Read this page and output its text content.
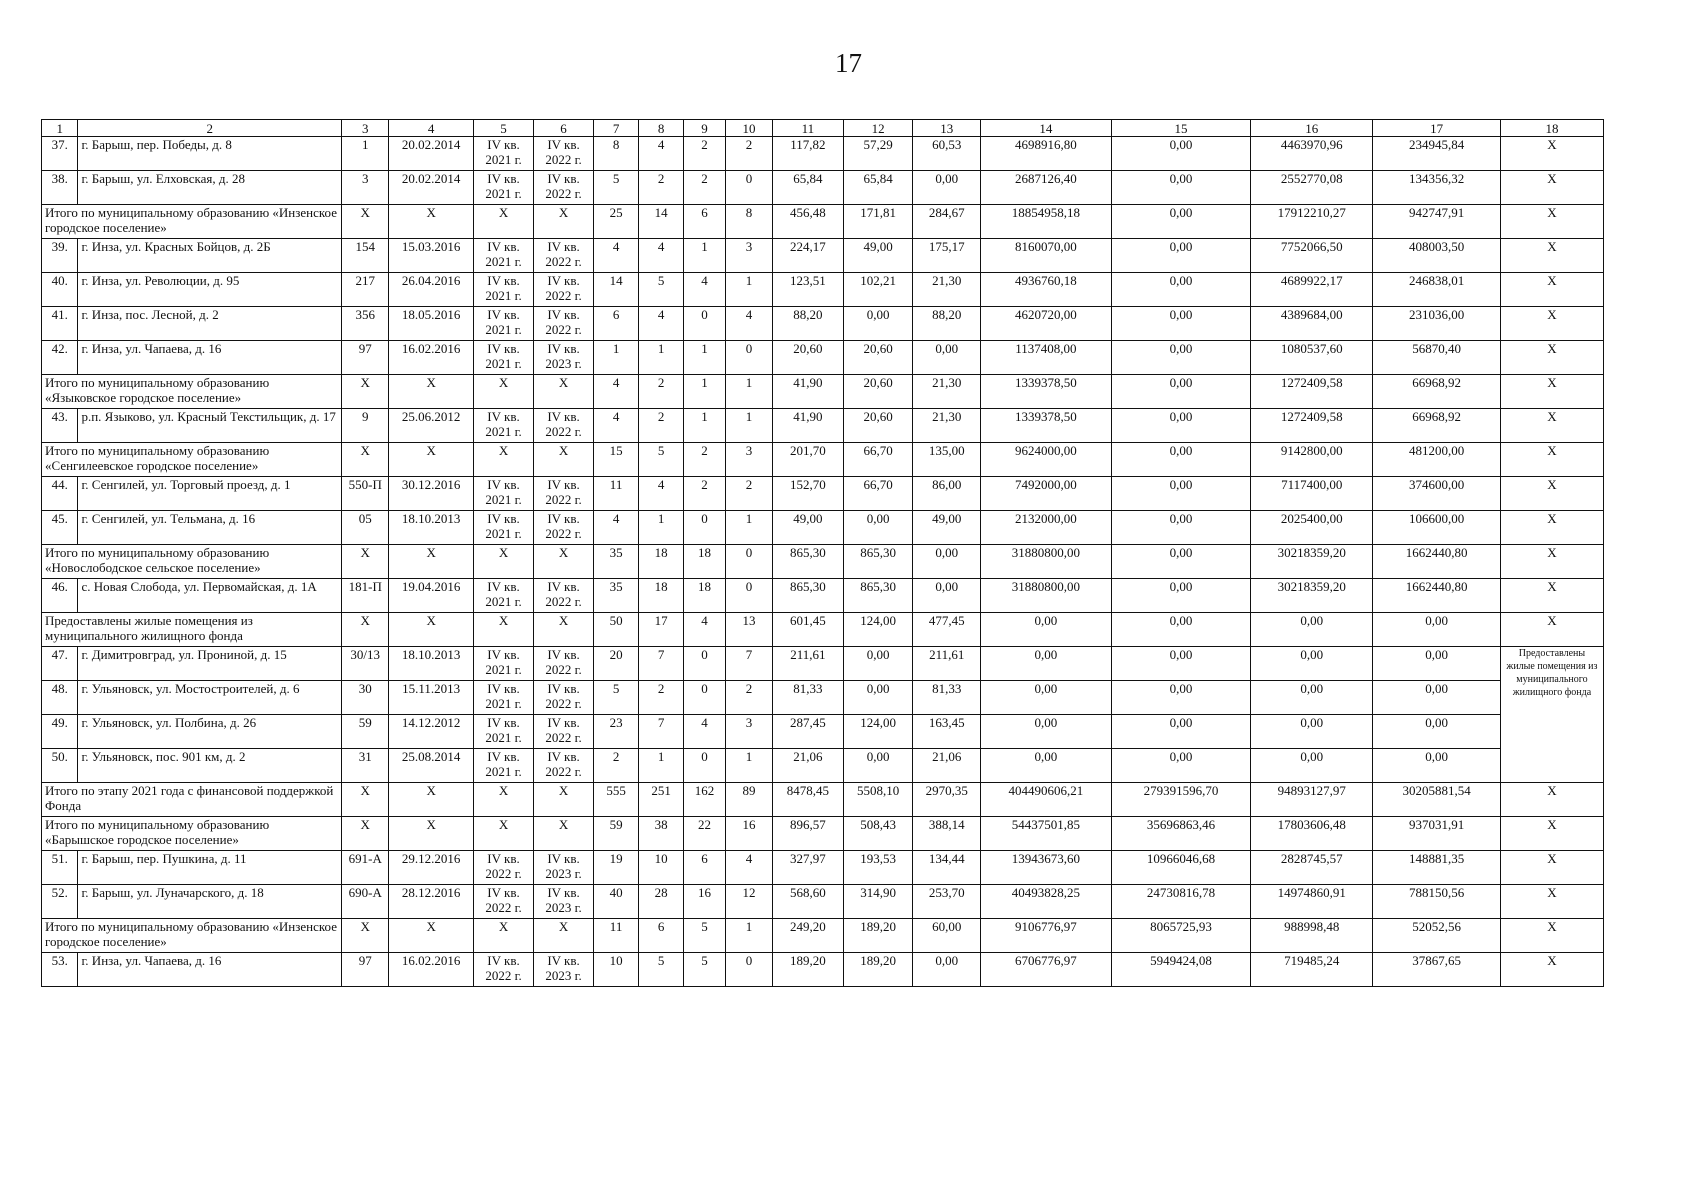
17
1	2	3	4	5	6	7	8	9	10	11	12	13	14	15	16	17	18
37.	г. Барыш, пер. Победы, д. 8	1	20.02.2014	IV кв. 2021 г.	IV кв. 2022 г.	8	4	2	2	117,82	57,29	60,53	4698916,80	0,00	4463970,96	234945,84	Х
38.	г. Барыш, ул. Елховская, д. 28	3	20.02.2014	IV кв. 2021 г.	IV кв. 2022 г.	5	2	2	0	65,84	65,84	0,00	2687126,40	0,00	2552770,08	134356,32	Х
Итого по муниципальному образованию «Инзенское городское поселение»		Х	Х	Х	Х	25	14	6	8	456,48	171,81	284,67	18854958,18	0,00	17912210,27	942747,91	Х
39.	г. Инза, ул. Красных Бойцов, д. 2Б	154	15.03.2016	IV кв. 2021 г.	IV кв. 2022 г.	4	4	1	3	224,17	49,00	175,17	8160070,00	0,00	7752066,50	408003,50	Х
40.	г. Инза, ул. Революции, д. 95	217	26.04.2016	IV кв. 2021 г.	IV кв. 2022 г.	14	5	4	1	123,51	102,21	21,30	4936760,18	0,00	4689922,17	246838,01	Х
41.	г. Инза, пос. Лесной, д. 2	356	18.05.2016	IV кв. 2021 г.	IV кв. 2022 г.	6	4	0	4	88,20	0,00	88,20	4620720,00	0,00	4389684,00	231036,00	Х
42.	г. Инза, ул. Чапаева, д. 16	97	16.02.2016	IV кв. 2021 г.	IV кв. 2023 г.	1	1	1	0	20,60	20,60	0,00	1137408,00	0,00	1080537,60	56870,40	Х
Итого по муниципальному образованию «Языковское городское поселение»		Х	Х	Х	Х	4	2	1	1	41,90	20,60	21,30	1339378,50	0,00	1272409,58	66968,92	Х
43.	р.п. Языково, ул. Красный Текстильщик, д. 17	9	25.06.2012	IV кв. 2021 г.	IV кв. 2022 г.	4	2	1	1	41,90	20,60	21,30	1339378,50	0,00	1272409,58	66968,92	Х
Итого по муниципальному образованию «Сенгилеевское городское поселение»		Х	Х	Х	Х	15	5	2	3	201,70	66,70	135,00	9624000,00	0,00	9142800,00	481200,00	Х
44.	г. Сенгилей, ул. Торговый проезд, д. 1	550-П	30.12.2016	IV кв. 2021 г.	IV кв. 2022 г.	11	4	2	2	152,70	66,70	86,00	7492000,00	0,00	7117400,00	374600,00	Х
45.	г. Сенгилей, ул. Тельмана, д. 16	05	18.10.2013	IV кв. 2021 г.	IV кв. 2022 г.	4	1	0	1	49,00	0,00	49,00	2132000,00	0,00	2025400,00	106600,00	Х
Итого по муниципальному образованию «Новослободское сельское поселение»		Х	Х	Х	Х	35	18	18	0	865,30	865,30	0,00	31880800,00	0,00	30218359,20	1662440,80	Х
46.	с. Новая Слобода, ул. Первомайская, д. 1А	181-П	19.04.2016	IV кв. 2021 г.	IV кв. 2022 г.	35	18	18	0	865,30	865,30	0,00	31880800,00	0,00	30218359,20	1662440,80	Х
Предоставлены жилые помещения из муниципального жилищного фонда		Х	Х	Х	Х	50	17	4	13	601,45	124,00	477,45	0,00	0,00	0,00	0,00	Х
47.	г. Димитровград, ул. Прониной, д. 15	30/13	18.10.2013	IV кв. 2021 г.	IV кв. 2022 г.	20	7	0	7	211,61	0,00	211,61	0,00	0,00	0,00	0,00	Предоставлены жилые помещения из муниципального жилищного фонда
48.	г. Ульяновск, ул. Мостостроителей, д. 6	30	15.11.2013	IV кв. 2021 г.	IV кв. 2022 г.	5	2	0	2	81,33	0,00	81,33	0,00	0,00	0,00	0,00	
49.	г. Ульяновск, ул. Полбина, д. 26	59	14.12.2012	IV кв. 2021 г.	IV кв. 2022 г.	23	7	4	3	287,45	124,00	163,45	0,00	0,00	0,00	0,00	
50.	г. Ульяновск, пос. 901 км, д. 2	31	25.08.2014	IV кв. 2021 г.	IV кв. 2022 г.	2	1	0	1	21,06	0,00	21,06	0,00	0,00	0,00	0,00	
Итого по этапу 2021 года с финансовой поддержкой Фонда		Х	Х	Х	Х	555	251	162	89	8478,45	5508,10	2970,35	404490606,21	279391596,70	94893127,97	30205881,54	Х
Итого по муниципальному образованию «Барышское городское поселение»		Х	Х	Х	Х	59	38	22	16	896,57	508,43	388,14	54437501,85	35696863,46	17803606,48	937031,91	Х
51.	г. Барыш, пер. Пушкина, д. 11	691-А	29.12.2016	IV кв. 2022 г.	IV кв. 2023 г.	19	10	6	4	327,97	193,53	134,44	13943673,60	10966046,68	2828745,57	148881,35	Х
52.	г. Барыш, ул. Луначарского, д. 18	690-А	28.12.2016	IV кв. 2022 г.	IV кв. 2023 г.	40	28	16	12	568,60	314,90	253,70	40493828,25	24730816,78	14974860,91	788150,56	Х
Итого по муниципальному образованию «Инзенское городское поселение»		Х	Х	Х	Х	11	6	5	1	249,20	189,20	60,00	9106776,97	8065725,93	988998,48	52052,56	Х
53.	г. Инза, ул. Чапаева, д. 16	97	16.02.2016	IV кв. 2022 г.	IV кв. 2023 г.	10	5	5	0	189,20	189,20	0,00	6706776,97	5949424,08	719485,24	37867,65	Х
